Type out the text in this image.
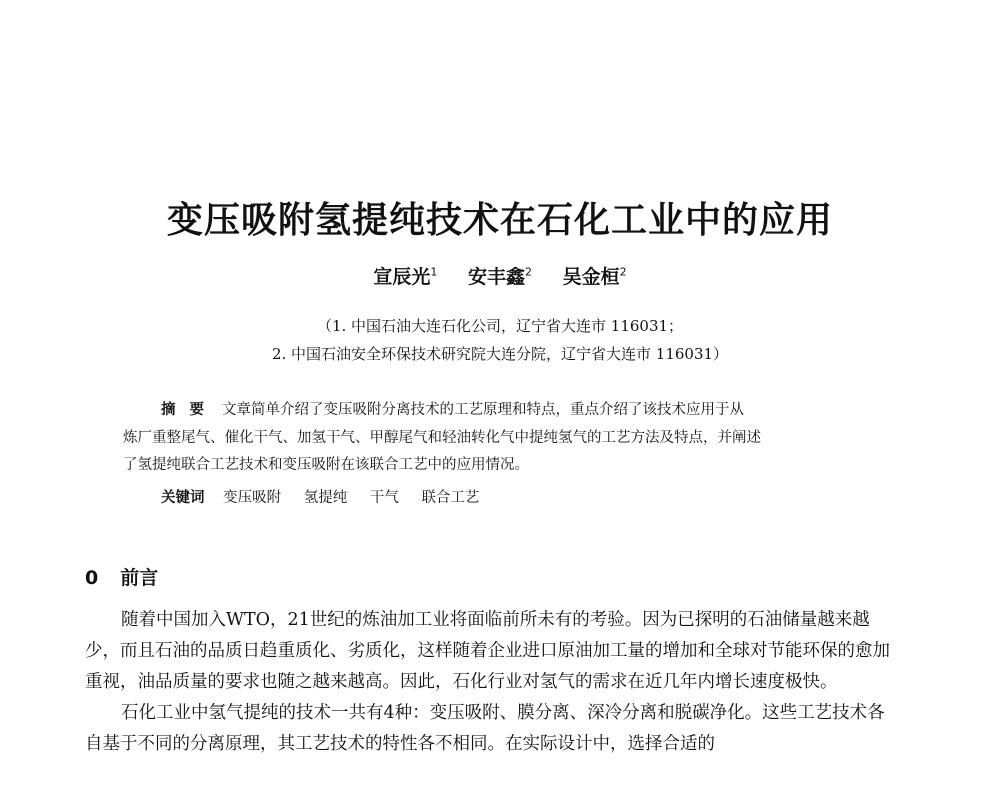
变压吸附氢提纯技术在石化工业中的应用
宣辰光$^1$ 安丰鑫$^2$ 吴金桓$^2$
（1. 中国石油大连石化公司，辽宁省大连市 116031；
2. 中国石油安全环保技术研究院大连分院，辽宁省大连市 116031）

摘要 文章简单介绍了变压吸附分离技术的工艺原理和特点，重点介绍了该技术应用于从

炼厂重整尾气、催化干气、加氢干气、甲醇尾气和轻油转化气中提纯氢气的工艺方法及特点，并阐述

了氢提纯联合工艺技术和变压吸附在该联合工艺中的应用情况。

关键词 变压吸附 氢提纯 干气 联合工艺
0 前言

随着中国加入WTO，21世纪的炼油加工业将面临前所未有的考验。因为已探明的石油储量越来越少，而且石油的品质日趋重质化、劣质化，这样随着企业进口原油加工量的增加和全球对节能环保的愈加重视，油品质量的要求也随之越来越高。因此，石化行业对氢气的需求在近几年内增长速度极快。

石化工业中氢气提纯的技术一共有4种：变压吸附、膜分离、深冷分离和脱碳净化。这些工艺技术各自基于不同的分离原理，其工艺技术的特性各不相同。在实际设计中，选择合适的
